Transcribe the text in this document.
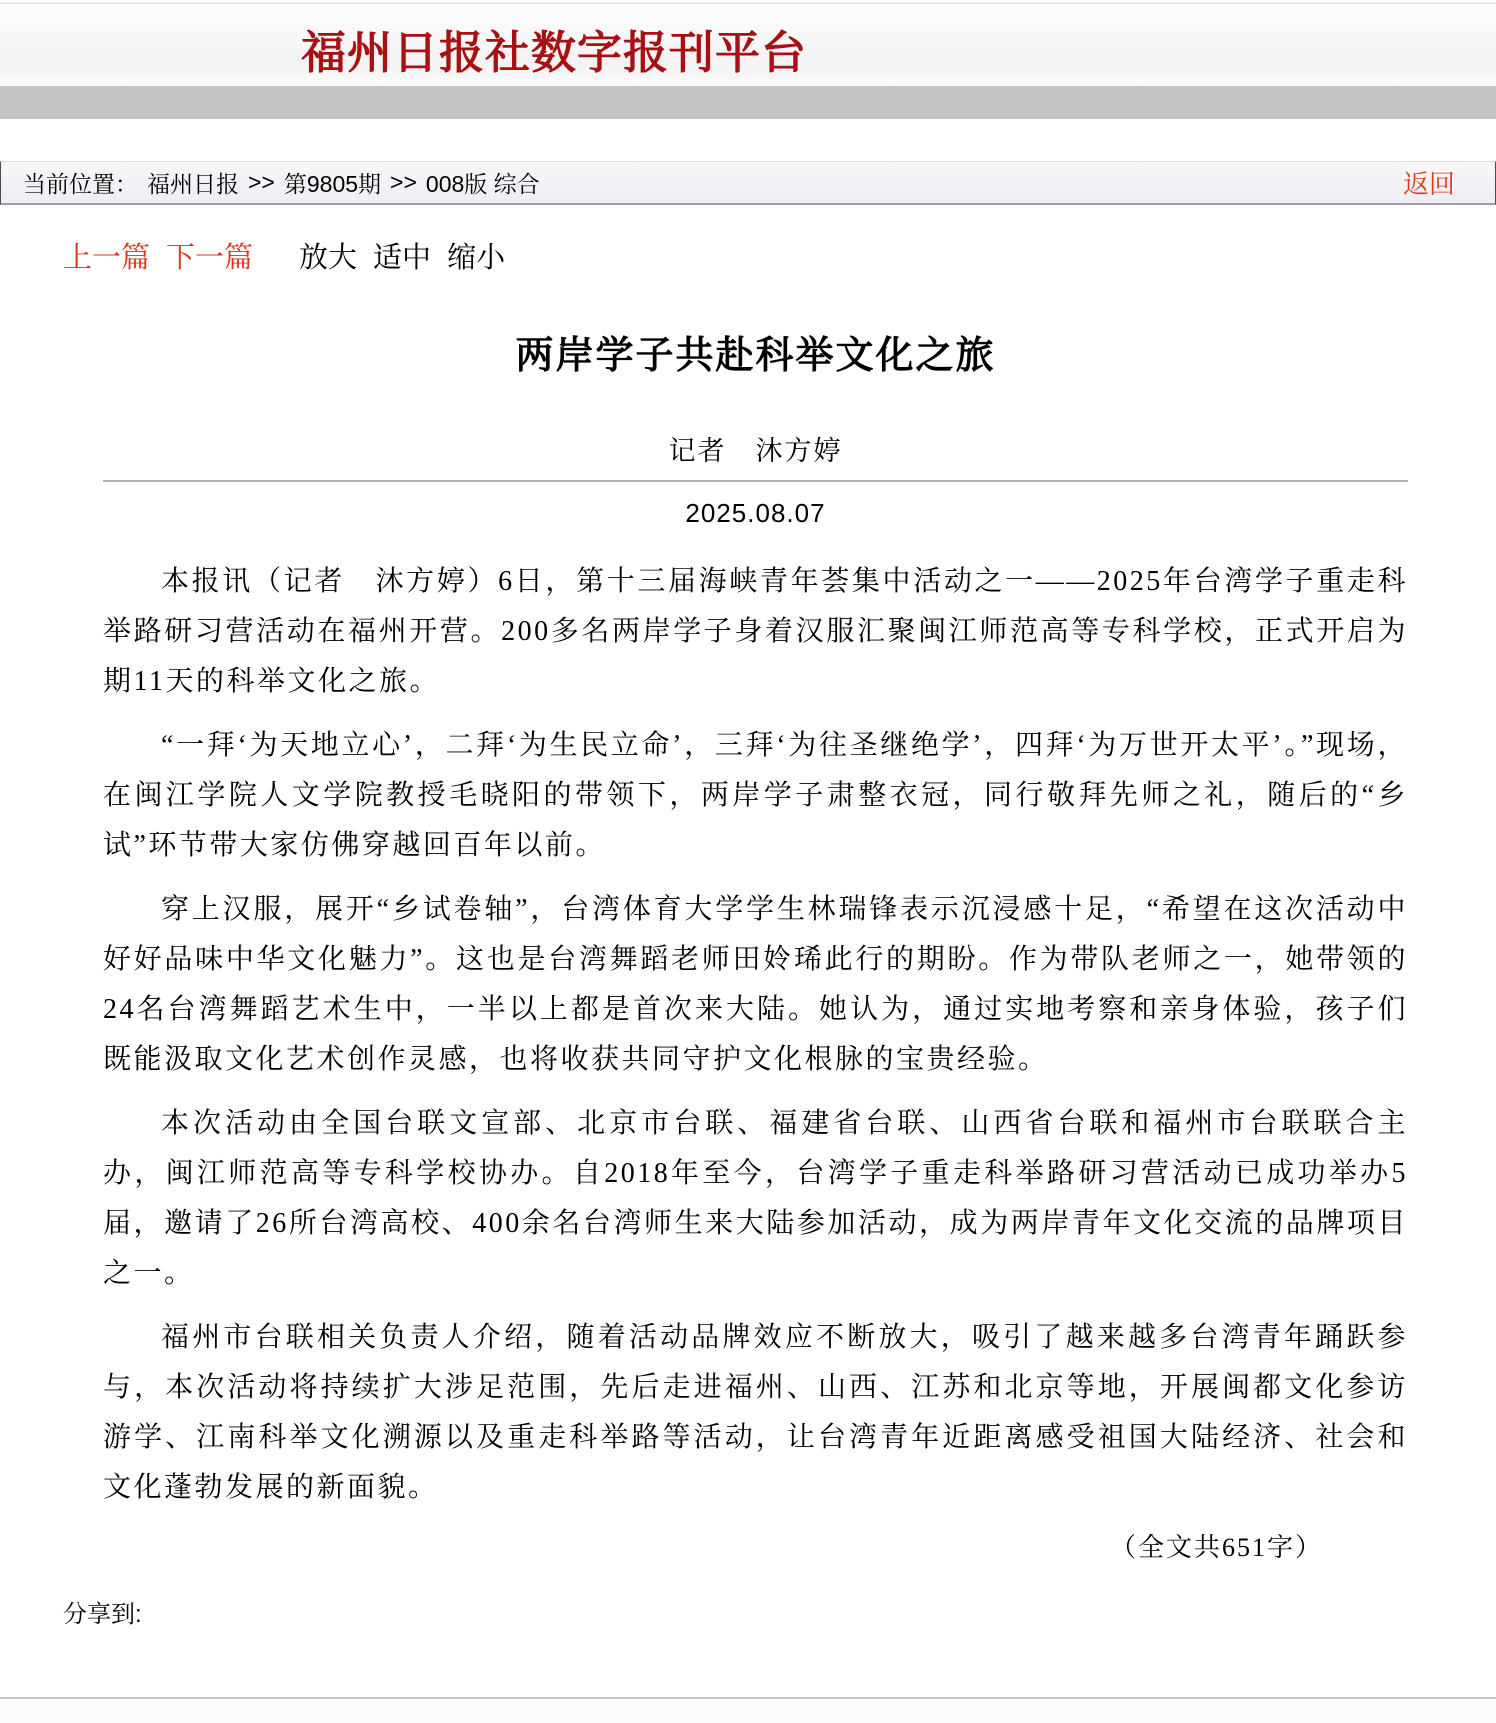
福州日报社数字报刊平台
当前位置： 福州日报 >> 第9805期 >> 008版 综合	返回
上一篇 下一篇 放大 适中 缩小
两岸学子共赴科举文化之旅
记者　沐方婷
2025.08.07

本报讯（记者　沐方婷）6日，第十三届海峡青年荟集中活动之一——2025年台湾学子重走科举路研习营活动在福州开营。200多名两岸学子身着汉服汇聚闽江师范高等专科学校，正式开启为期11天的科举文化之旅。

“一拜‘为天地立心’，二拜‘为生民立命’，三拜‘为往圣继绝学’，四拜‘为万世开太平’。”现场，在闽江学院人文学院教授毛晓阳的带领下，两岸学子肃整衣冠，同行敬拜先师之礼，随后的“乡试”环节带大家仿佛穿越回百年以前。

穿上汉服，展开“乡试卷轴”，台湾体育大学学生林瑞锋表示沉浸感十足，“希望在这次活动中好好品味中华文化魅力”。这也是台湾舞蹈老师田姈琋此行的期盼。作为带队老师之一，她带领的24名台湾舞蹈艺术生中，一半以上都是首次来大陆。她认为，通过实地考察和亲身体验，孩子们既能汲取文化艺术创作灵感，也将收获共同守护文化根脉的宝贵经验。

本次活动由全国台联文宣部、北京市台联、福建省台联、山西省台联和福州市台联联合主办，闽江师范高等专科学校协办。自2018年至今，台湾学子重走科举路研习营活动已成功举办5届，邀请了26所台湾高校、400余名台湾师生来大陆参加活动，成为两岸青年文化交流的品牌项目之一。

福州市台联相关负责人介绍，随着活动品牌效应不断放大，吸引了越来越多台湾青年踊跃参与，本次活动将持续扩大涉足范围，先后走进福州、山西、江苏和北京等地，开展闽都文化参访游学、江南科举文化溯源以及重走科举路等活动，让台湾青年近距离感受祖国大陆经济、社会和文化蓬勃发展的新面貌。

（全文共651字）
分享到:
